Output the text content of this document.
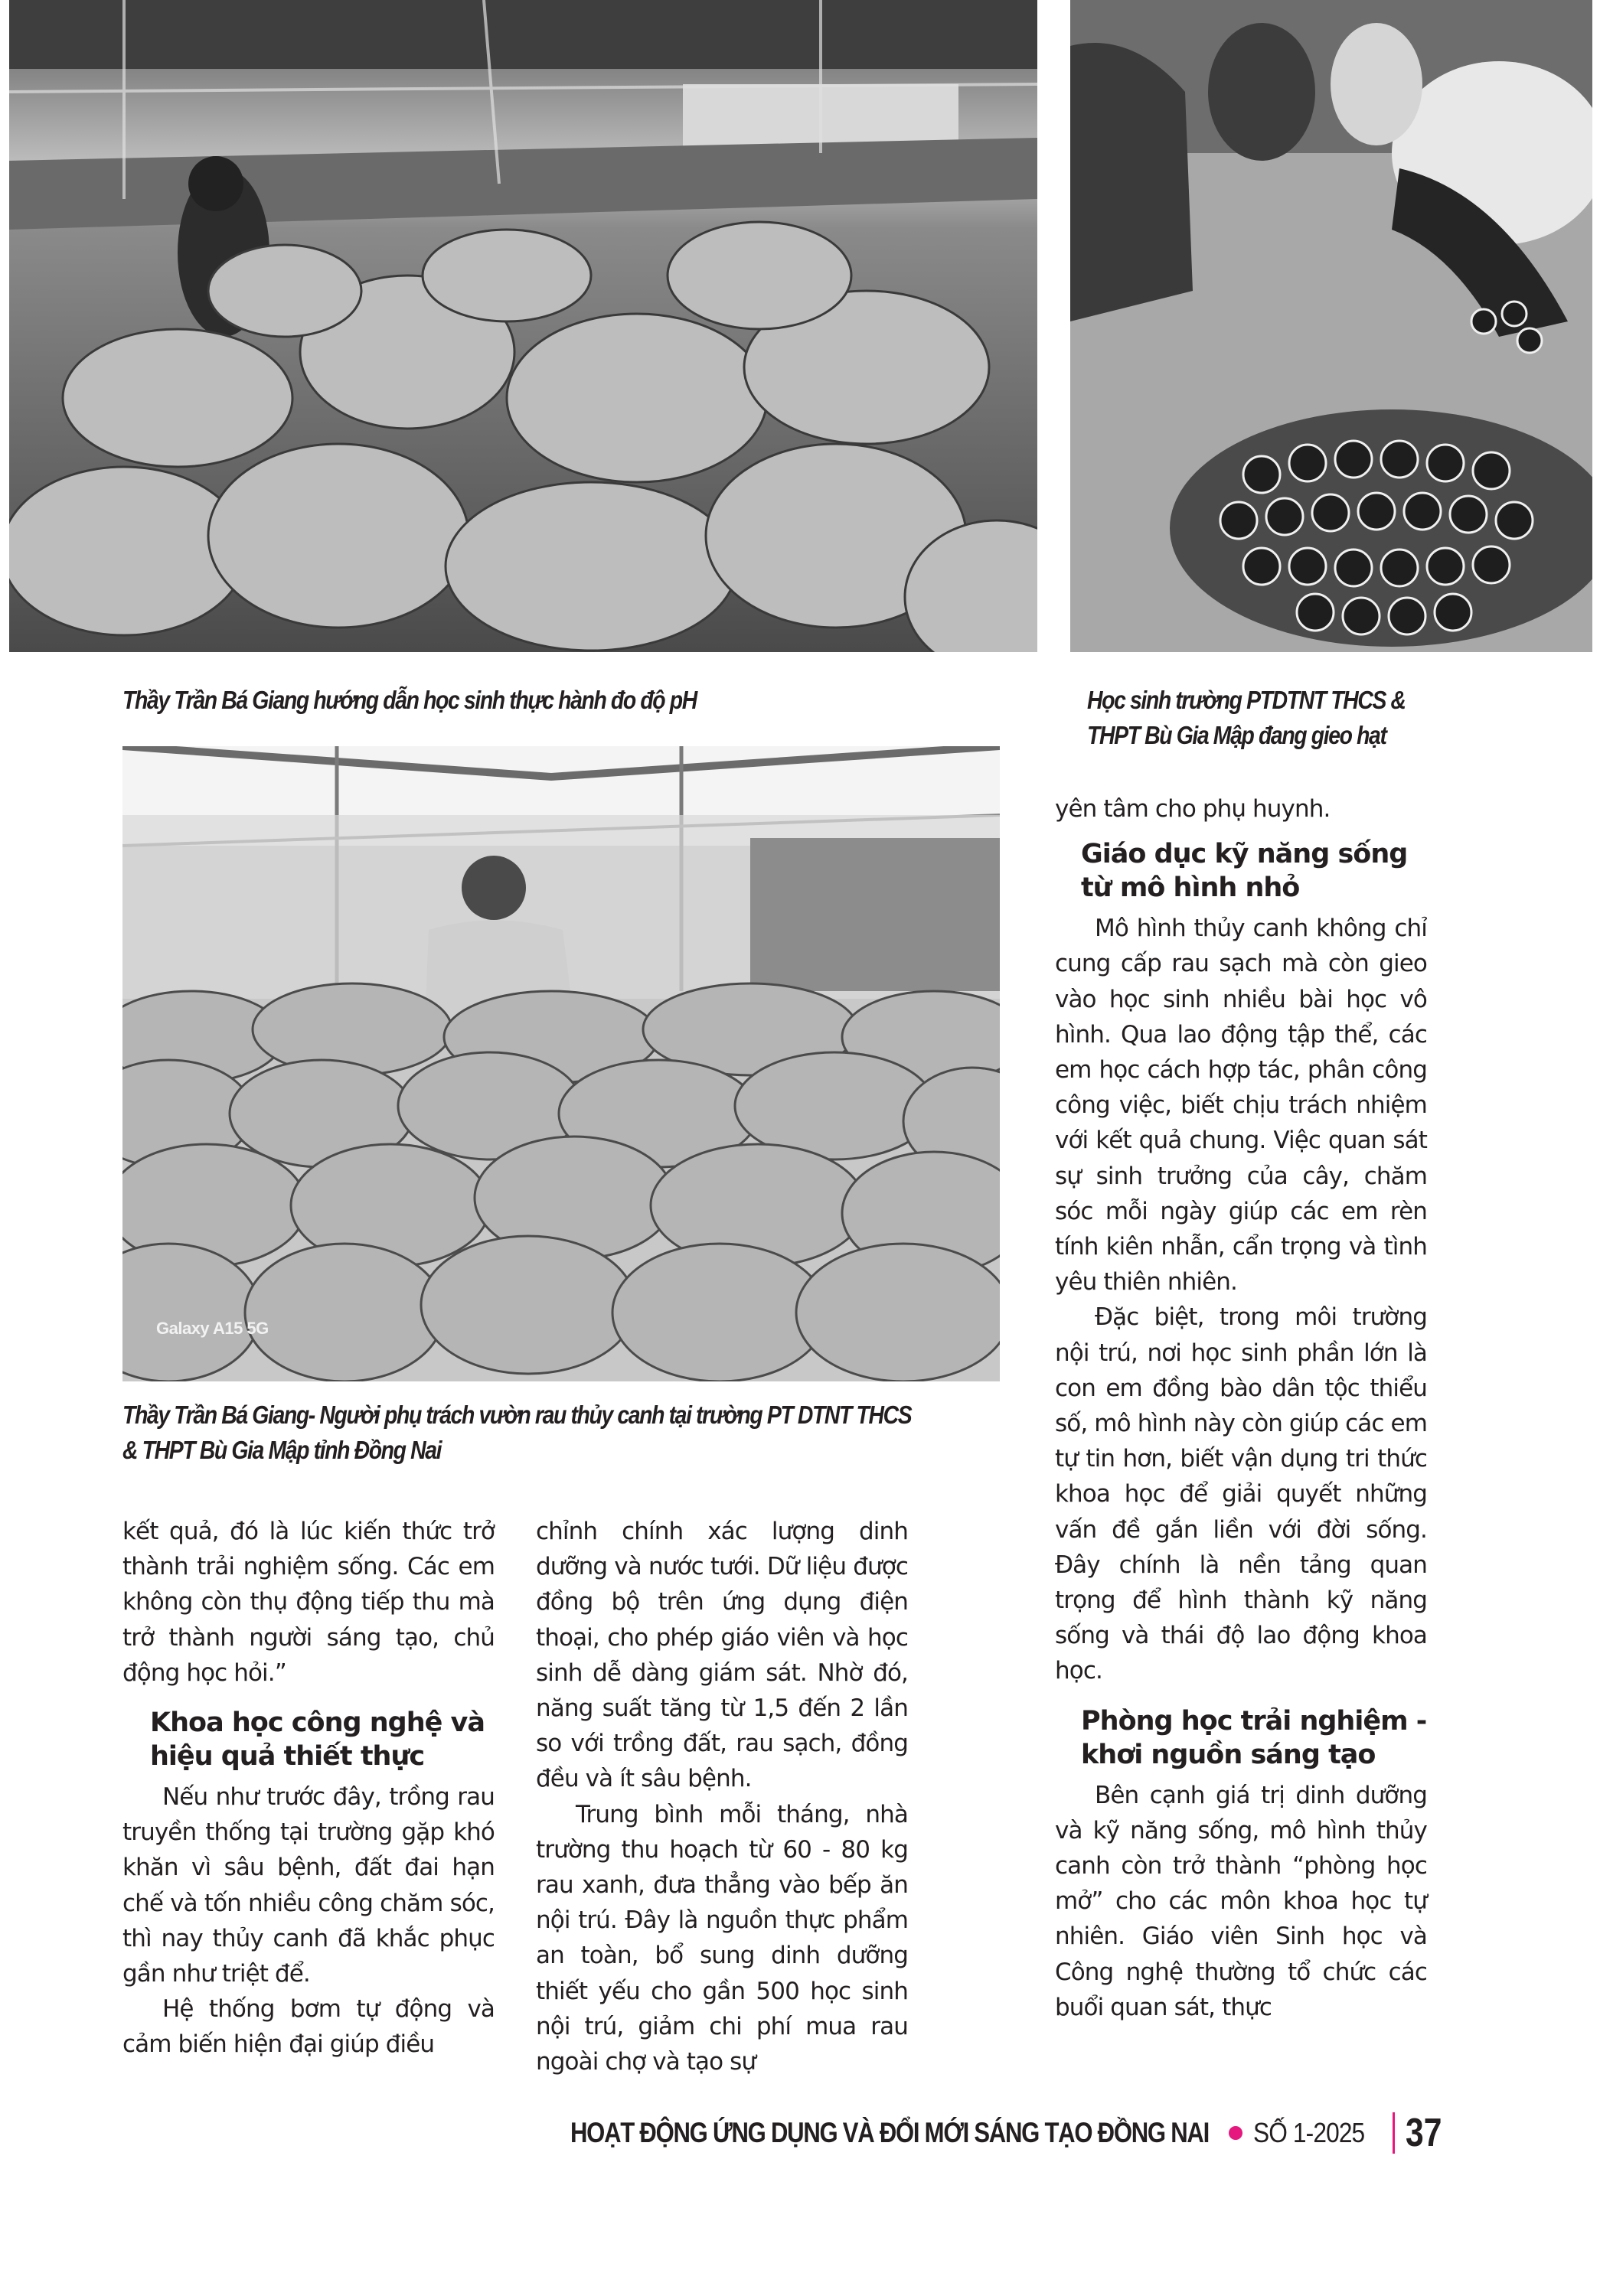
Thầy Trần Bá Giang hướng dẫn học sinh thực hành đo độ pH	Học sinh trường PTDTNT THCS &
THPT Bù Gia Mập đang gieo hạt
Galaxy A15 5G
Thầy Trần Bá Giang- Người phụ trách vườn rau thủy canh tại trường PT DTNT THCS
& THPT Bù Gia Mập tỉnh Đồng Nai

kết quả, đó là lúc kiến thức trở thành trải nghiệm sống. Các em không còn thụ động tiếp thu mà trở thành người sáng tạo, chủ động học hỏi.”

Khoa học công nghệ và hiệu quả thiết thực

Nếu như trước đây, trồng rau truyền thống tại trường gặp khó khăn vì sâu bệnh, đất đai hạn chế và tốn nhiều công chăm sóc, thì nay thủy canh đã khắc phục gần như triệt để.

Hệ thống bơm tự động và cảm biến hiện đại giúp điều

chỉnh chính xác lượng dinh dưỡng và nước tưới. Dữ liệu được đồng bộ trên ứng dụng điện thoại, cho phép giáo viên và học sinh dễ dàng giám sát. Nhờ đó, năng suất tăng từ 1,5 đến 2 lần so với trồng đất, rau sạch, đồng đều và ít sâu bệnh.

Trung bình mỗi tháng, nhà trường thu hoạch từ 60 - 80 kg rau xanh, đưa thẳng vào bếp ăn nội trú. Đây là nguồn thực phẩm an toàn, bổ sung dinh dưỡng thiết yếu cho gần 500 học sinh nội trú, giảm chi phí mua rau ngoài chợ và tạo sự

yên tâm cho phụ huynh.

Giáo dục kỹ năng sống từ mô hình nhỏ

Mô hình thủy canh không chỉ cung cấp rau sạch mà còn gieo vào học sinh nhiều bài học vô hình. Qua lao động tập thể, các em học cách hợp tác, phân công công việc, biết chịu trách nhiệm với kết quả chung. Việc quan sát sự sinh trưởng của cây, chăm sóc mỗi ngày giúp các em rèn tính kiên nhẫn, cẩn trọng và tình yêu thiên nhiên.

Đặc biệt, trong môi trường nội trú, nơi học sinh phần lớn là con em đồng bào dân tộc thiểu số, mô hình này còn giúp các em tự tin hơn, biết vận dụng tri thức khoa học để giải quyết những vấn đề gắn liền với đời sống. Đây chính là nền tảng quan trọng để hình thành kỹ năng sống và thái độ lao động khoa học.

Phòng học trải nghiệm - khơi nguồn sáng tạo

Bên cạnh giá trị dinh dưỡng và kỹ năng sống, mô hình thủy canh còn trở thành “phòng học mở” cho các môn khoa học tự nhiên. Giáo viên Sinh học và Công nghệ thường tổ chức các buổi quan sát, thực

HOẠT ĐỘNG ỨNG DỤNG VÀ ĐỔI MỚI SÁNG TẠO ĐỒNG NAI SỐ 1-2025 37
